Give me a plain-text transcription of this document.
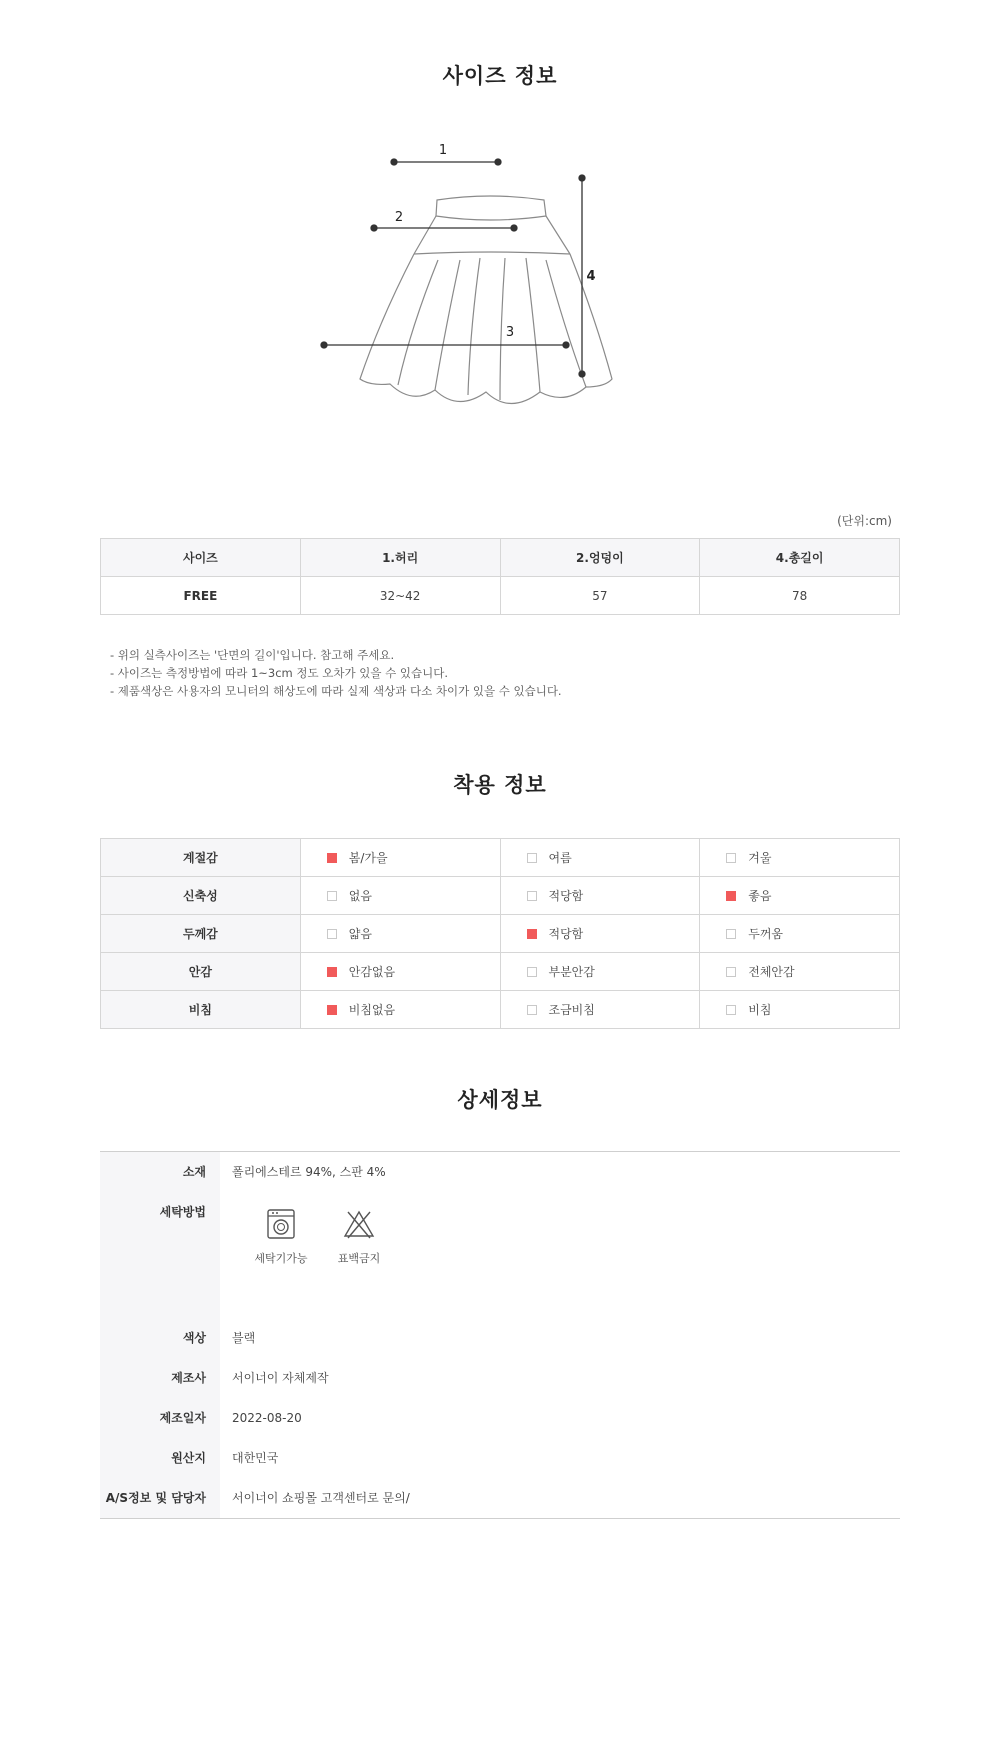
사이즈 정보
1
2
3
4
(단위:cm)
사이즈	1.허리	2.엉덩이	4.총길이
FREE	32~42	57	78
- 위의 실측사이즈는 '단면의 길이'입니다. 참고해 주세요.
- 사이즈는 측정방법에 따라 1~3cm 정도 오차가 있을 수 있습니다.
- 제품색상은 사용자의 모니터의 해상도에 따라 실제 색상과 다소 차이가 있을 수 있습니다.
착용 정보
계절감	봄/가을	여름	겨울
신축성	없음	적당함	좋음
두께감	얇음	적당함	두꺼움
안감	안감없음	부분안감	전체안감
비침	비침없음	조금비침	비침
상세정보
소재	폴리에스테르 94%, 스판 4%
세탁방법
세탁기가능	표백금지
색상	블랙
제조사	서이너이 자체제작
제조일자	2022-08-20
원산지	대한민국
A/S정보 및 담당자	서이너이 쇼핑몰 고객센터로 문의/
